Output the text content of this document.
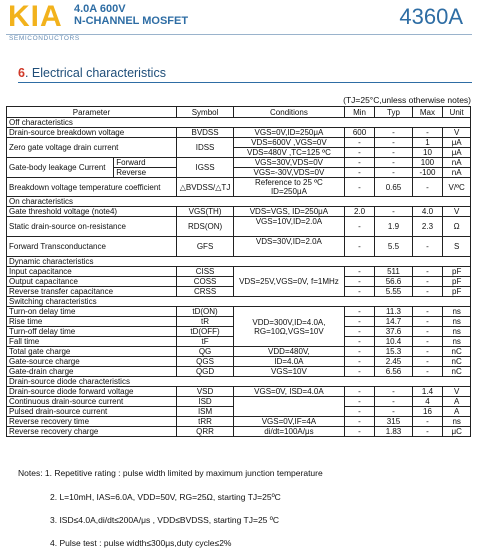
KIA
SEMICONDUCTORS
4.0A 600V
N-CHANNEL MOSFET	4360A
6. Electrical characteristics
(TJ=25°C,unless otherwise notes)
Parameter		Symbol	Conditions	Min	Typ	Max	Unit
Off characteristics							
Drain-source breakdown voltage		BVDSS	VGS=0V,ID=250μA	600	-	-	V
Zero gate voltage drain current		IDSS	VDS=600V ,VGS=0V	-	-	1	μA
			VDS=480V ,TC=125 ºC	-	-	10	μA
Gate-body leakage Current	Forward	IGSS	VGS=30V,VDS=0V	-	-	100	nA
	Reverse		VGS=-30V,VDS=0V	-	-	-100	nA
Breakdown voltage temperature coefficient		△BVDSS/△TJ	Reference to 25 ºC ID=250μA	-	0.65	-	V/ºC
On characteristics							
Gate threshold voltage (note4)		VGS(TH)	VDS=VGS, ID=250μA	2.0	-	4.0	V
Static drain-source on-resistance		RDS(ON)	VGS=10V,ID=2.0A	-	1.9	2.3	Ω
Forward Transconductance		GFS	VDS=30V,ID=2.0A	-	5.5	-	S
Dynamic characteristics							
Input capacitance		CISS	VDS=25V,VGS=0V, f=1MHz	-	511	-	pF
Output capacitance		COSS		-	56.6	-	pF
Reverse transfer capacitance		CRSS		-	5.55	-	pF
Switching characteristics							
Turn-on delay time		tD(ON)	VDD=300V,ID=4.0A, RG=10Ω,VGS=10V	-	11.3	-	ns
Rise time		tR		-	14.7	-	ns
Turn-off delay time		tD(OFF)		-	37.6	-	ns
Fall time		tF		-	10.4	-	ns
Total gate charge		QG	VDD=480V,	-	15.3	-	nC
Gate-source charge		QGS	ID=4.0A	-	2.45	-	nC
Gate-drain charge		QGD	VGS=10V	-	6.56	-	nC
Drain-source diode characteristics							
Drain-source diode forward voltage		VSD	VGS=0V, ISD=4.0A	-	-	1.4	V
Continuous drain-source current		ISD		-	-	4	A
Pulsed drain-source current		ISM		-	-	16	A
Reverse recovery time		tRR	VGS=0V,IF=4A	-	315	-	ns
Reverse recovery charge		QRR	di/dt=100A/μs	-	1.83	-	μC
Notes: 1. Repetitive rating : pulse width limited by maximum junction temperature
2. L=10mH, IAS=6.0A, VDD=50V, RG=25Ω, starting TJ=25ºC
3. ISD≤4.0A,di/dt≤200A/μs , VDD≤BVDSS, starting TJ=25 ºC
4. Pulse test : pulse width≤300μs,duty cycle≤2%
